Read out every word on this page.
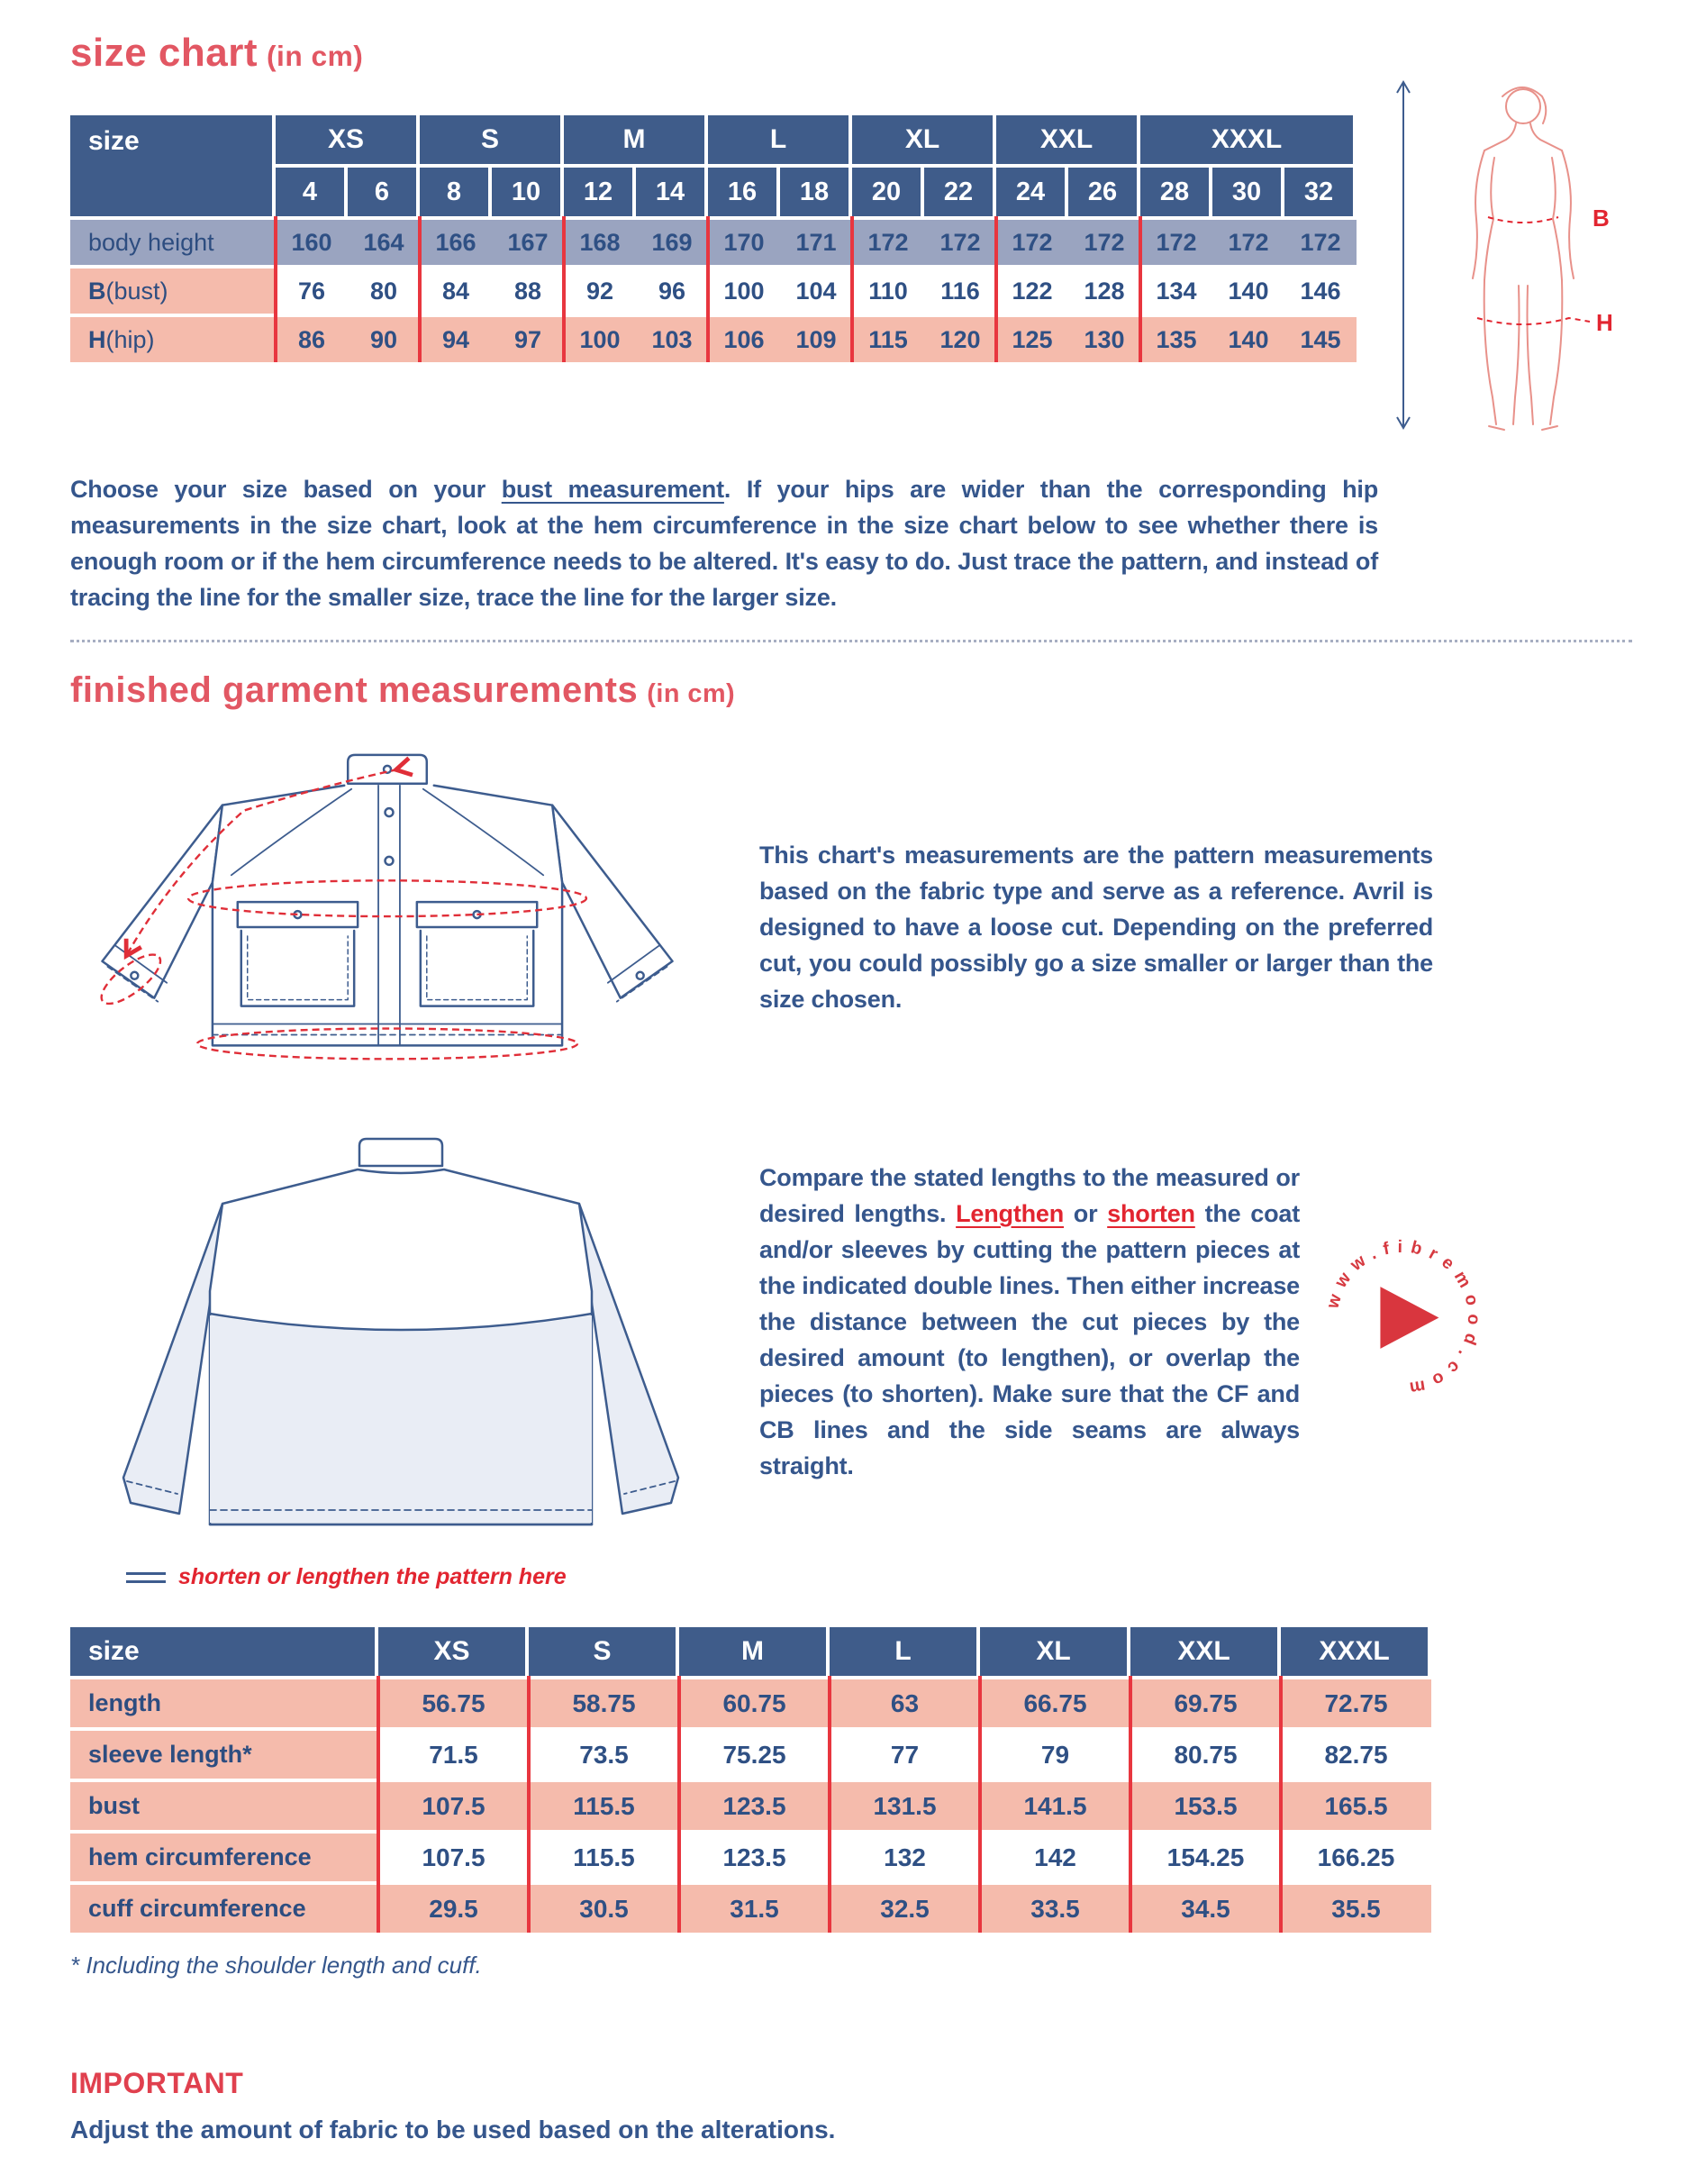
size chart (in cm)
size	XS	S	M	L	XL	XXL	XXXL
4	6	8	10	12	14	16	18	20	22	24	26	28	30	32
body height	160	164	166	167	168	169	170	171	172	172	172	172	172	172	172
B (bust)	76	80	84	88	92	96	100	104	110	116	122	128	134	140	146
H (hip)	86	90	94	97	100	103	106	109	115	120	125	130	135	140	145
B
H

Choose your size based on your bust measurement. If your hips are wider than the corresponding hip measurements in the size chart, look at the hem circumference in the size chart below to see whether there is enough room or if the hem circumference needs to be altered. It's easy to do. Just trace the pattern, and instead of tracing the line for the smaller size, trace the line for the larger size.

finished garment measurements (in cm)

This chart's measurements are the pattern measurements based on the fabric type and serve as a reference. Avril is designed to have a loose cut. Depending on the preferred cut, you could possibly go a size smaller or larger than the size chosen.

shorten or lengthen the pattern here

Compare the stated lengths to the measured or desired lengths. Lengthen or shorten the coat and/or sleeves by cutting the pattern pieces at the indicated double lines. Then either increase the distance between the cut pieces by the desired amount (to lengthen), or overlap the pieces (to shorten). Make sure that the CF and CB lines and the side seams are always straight.

www.fibremood.com
size	XS	S	M	L	XL	XXL	XXXL
length	56.75	58.75	60.75	63	66.75	69.75	72.75
sleeve length*	71.5	73.5	75.25	77	79	80.75	82.75
bust	107.5	115.5	123.5	131.5	141.5	153.5	165.5
hem circumference	107.5	115.5	123.5	132	142	154.25	166.25
cuff circumference	29.5	30.5	31.5	32.5	33.5	34.5	35.5
* Including the shoulder length and cuff.
IMPORTANT
Adjust the amount of fabric to be used based on the alterations.
